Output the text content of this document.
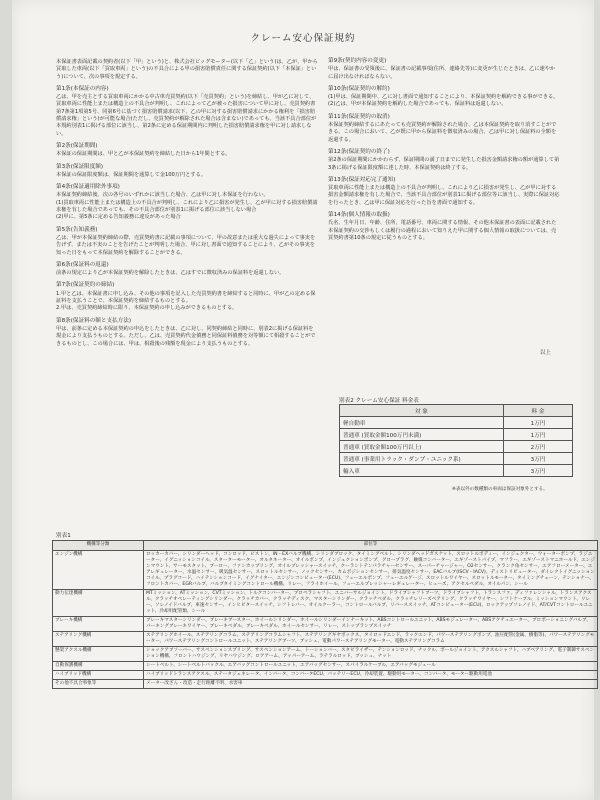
クレーム安心保証規約
本保証書表面記載の契約者(以下「甲」という)と、株式会社ビッグモーター(以下「乙」という)は、乙が、甲から買取した車両(以下「買取車両」という)の不具合による甲の損害賠償責任に関する保証契約(以下「本保証」という)について、次の事項を規定する。
第1条(本保証の内容)
乙は、甲を売主とする買取車両にかかる中古車売買契約(以下「売買契約」という)を締結し、甲が乙に対して、買取車両に性能上または構造上の不具合が判明し、これによって乙が被った損害について甲に対し、売買契約書第7条第1項第5号、同第6号に基づく損害賠償請求(以下、乙の甲に対する損害賠償請求にかかる権利を「損害賠償請求権」という)が可能な場合(ただし、売買契約が解除された場合は含まない)であっても、当該不具合部位が本規約別表1に掲げる部位に該当し、第2条に定める保証期間内に判明した損害賠償請求権を甲に対し請求しない。
第2条(保証期間)
本保証の保証期間は、甲と乙が本保証契約を締結した日から1年間とする。
第3条(保証限度額)
本保証の保証限度額は、保証期間を通算して金100万円とする。
第4条(保証適用除外事項)
本保証契約締結後、次の各号のいずれかに該当した場合、乙は甲に対し本保証を行わない。
(1)買取車両に性能上または構造上の不具合が判明し、これにより乙に損害が発生し、乙が甲に対する損害賠償請求権を有した場合であっても、その不具合部位が別表1に掲げる部位に該当しない場合
(2)甲に、第5条に定める告知義務に違反があった場合
第5条(告知義務)
乙は、甲が本保証契約締結の際、売買契約書に記載の事項について、甲の故意または重大な過失によって事実を告げず、または不実のことを告げたことが判明した場合、甲に対し書面で通知することにより、乙がその事実を知った日をもって本保証契約を解除することができる。
第6条(保証料の返還)
前条の規定により乙が本保証契約を解除したときは、乙はすでに徴収済みの保証料を返還しない。
第7条(保証契約の締結)
1.甲と乙は、本保証書に申し込み、その他の事項を記入した売買契約書を締結すると同時に、甲が乙の定める保証料を支払うことで、本保証契約を締結するものとする。
2.甲は、売買契約締結時に限り、本保証契約の申し込みができるものとする。
第8条(保証料の額と支払方法)
甲は、前条に定める本保証契約の申込をしたときは、乙に対し、同契約締結と同時に、別表2に掲げる保証料を現金により支払うものとする。ただし、乙は、売買契約代金債務と同保証料債務を対等額にて相殺することができるものとし、この場合には、甲は、相殺後の残額を現金により支払うものとする。
第9条(契約内容の変更)
甲は、保証書の受領後に、保証書の記載事項(住所、連絡先等)に変更が生じたときは、乙に速やかに届け出なければならない。
第10条(保証契約の解約)
(1)甲は、保証期間中、乙に対し書面で通知することにより、本保証契約を解約できる事ができる。
(2)乙は、甲が本保証契約を解約した場合であっても、保証料は返還しない。
第11条(保証契約の取消)
本保証契約締結するにあたっても売買契約が解除された場合、乙は本保証契約を取り消すことができる。この場合において、乙が既に甲から保証料を徴収済みの場合、乙は甲に対し保証料の全額を返還する。
第12条(保証契約の終了)
第2条の保証期間にかかわらず、保証期間の満了日までに発生した損害金額請求権の額が通算して第3条に掲げる保証限度額に達した時、本保証契約は終了する。
第13条(保証対応完了通知)
買取車両に性能上または構造上の不具合が判明し、これにより乙に損害が発生し、乙が甲に対する損害金額請求権を有した場合で、当該不具合部位が別表1に掲げる部位等に該当し、実際に保証対応を行ったとき、乙は甲に保証対応を行った旨を書面で通知する。
第14条(個人情報の取扱)
氏名、生年月日、年齢、住所、電話番号、車両に関する情報、その他本保証書の表面に記載された本保証契約の交渉もしくは履行の過程において知りえた甲に関する個人情報の取扱については、売買契約書第10条の規定に従うものとする。
以上
別表2 クレーム安心保証 料金表
対 象	料 金
軽自動車	1万円
普通車 (買取金額100万円未満)	1万円
普通車 (買取金額100万円以上)	2万円
普通車 (事業用トラック・ダンプ・ユニック系)	3万円
輸入車	3万円
※表以外の数種類の車両は保証対象外とする。
別表1
機構等分類	部位等
エンジン機構	ロッカーカバー、シリンダーヘッド、コンロッド、ピストン、IN・EXバルブ機構、シリンダブロック、タイミングベルト、シリンダヘッドガスケット、スロットルボディー、インジェクター、ウォーターポンプ、ラジエーター、イグニッションコイル、スターターモーター、オルタネーター、オイルポンプ、インジェクションポンプ、グロープラグ、触媒コンバーター、エギゾーストパイプ、マフラー、エギゾーストマニホールド、エンジンマウント、サーモスタット、ブーロー、ファンカップリング、オイルプレッシャースイッチ、クーラントテンパラチャーセンサー、スーパーチャージャー、O2センサー、クランク角センサー、エアフローメーター、エアレギュレーター、水温センサー、吸気温センサー、スロットルセンサー、ノックセンサー、カムポジションセンサー、排気温度センサー、EACバルブ(ISCV・IACV)、ディストリビューター、ダイレクトイグニッションコイル、プラグコード、ハイテンションコード、イグナイター、エンジンコンピューター(ECU)、フューエルポンプ、フューエルゲージ、スロットルワイヤー、スロットルモーター、タイミングチェーン、テンショナー、フロントカバー、EGRバルブ、バルブタイミングコントロール機構、リレー、フライホイール、フューエルプレッシャーレギュレーター、ヒューズ、アクセルペダル、オイルパン、シール
動力伝達機構	MTミッション、ATミッション、CVTミッション、トルクコンバーター、プロペラシャフト、ユニバーサルジョイント、ドライブシャフトブーツ、ドライブシャフト、トランスファ、ディファレンシャル、トランスアクスル、クラッチオペレーティングシリンダー、クラッチカバー、クラッチディスク、マスターシリンダー、クラッチペダル、クラッチレリーズベアリング、クラッチワイヤー、シフトケーブル、ミッションマウント、リレー、ソレノイドバルブ、車速センサー、インヒビタースイッチ、シフトレバー、オイルクーラー、コントロールバルブ、リバーススイッチ、ATコンピューター(ECU)、ロックアップソレノイド、AT/CVTコントロールユニット、冷却用配管類、シール
ブレーキ機構	ブレーキマスターシリンダー、ブレーキブースター、ホイールシリンダー、ホイールシリンダーインナーキット、ABSコントロールユニット、ABSモジュレーター、ABSアクチュエーター、ブロポーショニングバルブ、パーキングブレーキワイヤー、ブレーキペダル、ブレーキペダル、ホイールセンサー、リレー、ストップランプスイッチ
ステアリング機構	ステアリングホイール、ステアリングコラム、ステアリングコラムシャフト、ステアリングギヤボックス、タイロッドエンド、ラックエンド、パワーステアリングポンプ、油圧配管(金属、樹脂等)、パワーステアリングモーター、パワーステアリングコントロールユニット、ステアリングブーツ、ブッシュ、電動パワーステアリングモーター、電動ステアリングコラム
懸架アクスル機構	ショックアブソーバー、サスペンションスプリング、サスペンションアーム、トーションバー、スタビライザー、テンションロッド、ナックル、ボールジョイント、アクスルシャフト、ハブベアリング、電子制御サスペンション機構、フロントハウジング、リヤハウジング、ロアアーム、アッパーアーム、ラテラルロッド、ブッシュ、ナット
自動保護機構	シートベルト、シートベルトバックル、エアバッグコントロールユニット、エアバッグセンサー、スパイラルケーブル、エアバッグモジュール
ハイブリッド機構	ハイブリッドトランスアクスル、ステータジェネレータ、インバータ、コンバータECU、バッテリーECU、冷却装置、駆動用モーター、コンバータ、モーター駆動用電池
その他不具合事象等	メーター改ざん・改造・走行距離不明、水害車
